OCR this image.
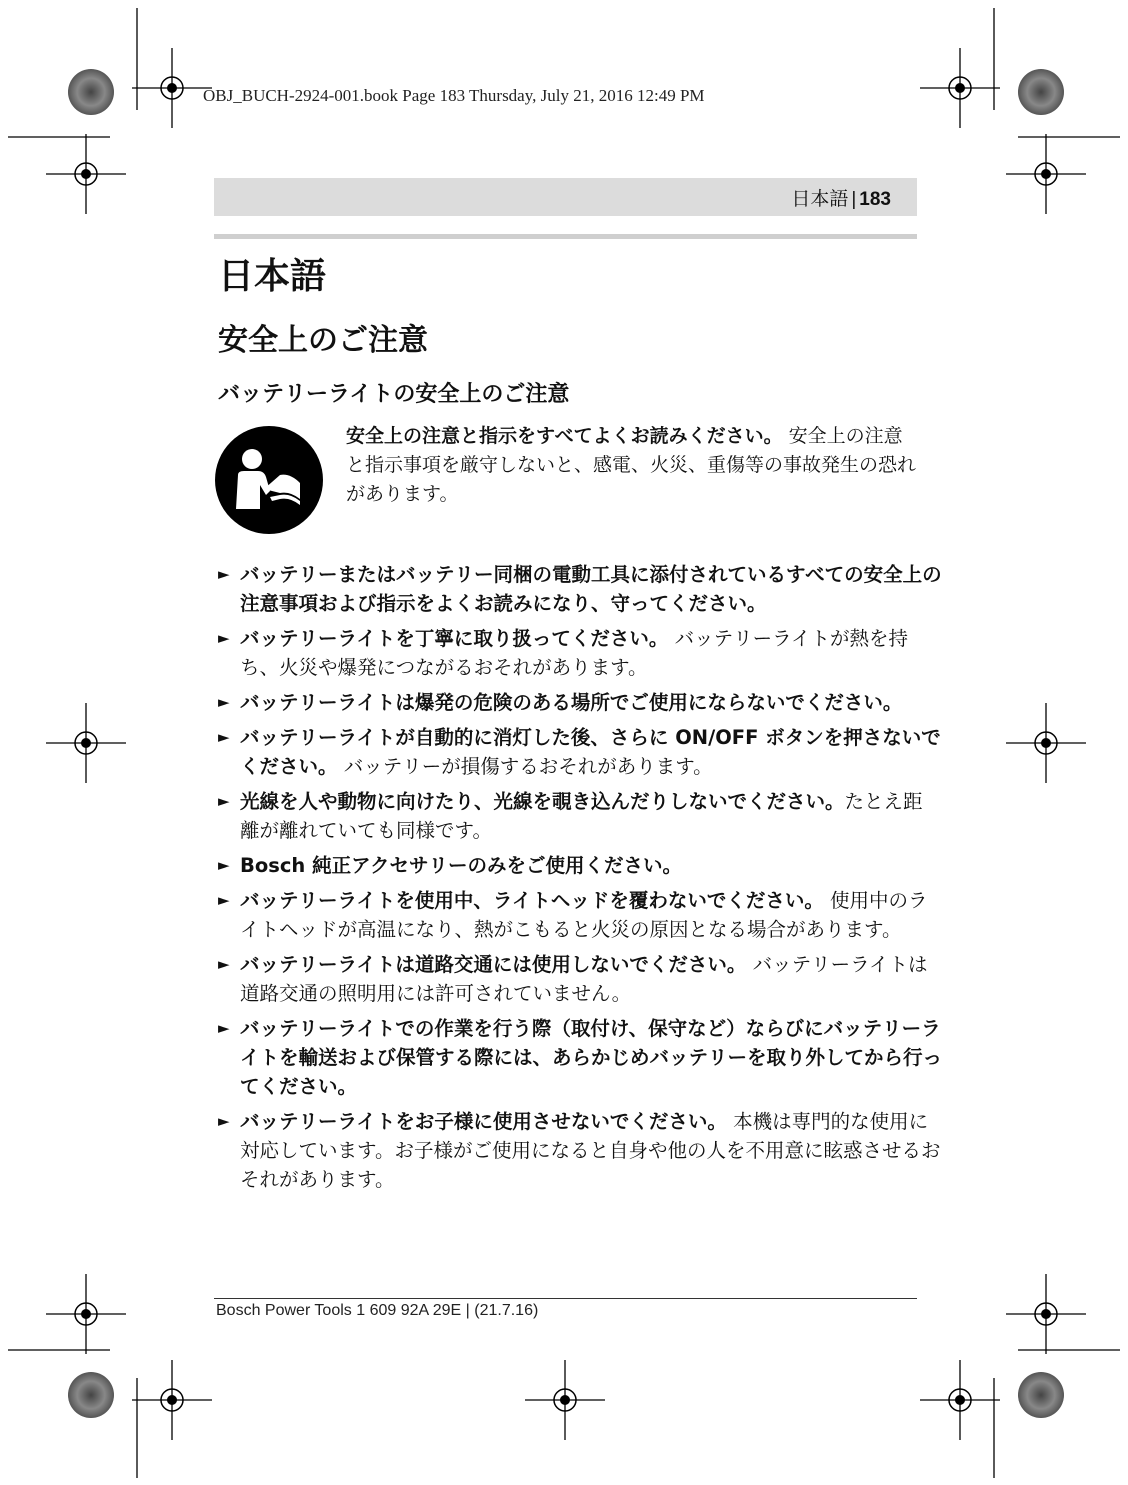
OBJ_BUCH-2924-001.book Page 183 Thursday, July 21, 2016 12:49 PM
日本語 | 183
日本語
安全上のご注意
バッテリーライトの安全上のご注意
安全上の注意と指示をすべてよくお読みください。 安全上の注意と指示事項を厳守しないと、感電、火災、重傷等の事故発生の恐れがあります。
► バッテリーまたはバッテリー同梱の電動工具に添付されているすべての安全上の注意事項および指示をよくお読みになり、守ってください。
► バッテリーライトを丁寧に取り扱ってください。 バッテリーライトが熱を持ち、火災や爆発につながるおそれがあります。
► バッテリーライトは爆発の危険のある場所でご使用にならないでください。
► バッテリーライトが自動的に消灯した後、さらに ON/OFF ボタンを押さないでください。 バッテリーが損傷するおそれがあります。
► 光線を人や動物に向けたり、光線を覗き込んだりしないでください。たとえ距離が離れていても同様です。
► Bosch 純正アクセサリーのみをご使用ください。
► バッテリーライトを使用中、ライトヘッドを覆わないでください。 使用中のライトヘッドが高温になり、熱がこもると火災の原因となる場合があります。
► バッテリーライトは道路交通には使用しないでください。 バッテリーライトは道路交通の照明用には許可されていません。
► バッテリーライトでの作業を行う際（取付け、保守など）ならびにバッテリーライトを輸送および保管する際には、あらかじめバッテリーを取り外してから行ってください。
► バッテリーライトをお子様に使用させないでください。 本機は専門的な使用に対応しています。お子様がご使用になると自身や他の人を不用意に眩惑させるおそれがあります。
Bosch Power Tools 1 609 92A 29E | (21.7.16)
